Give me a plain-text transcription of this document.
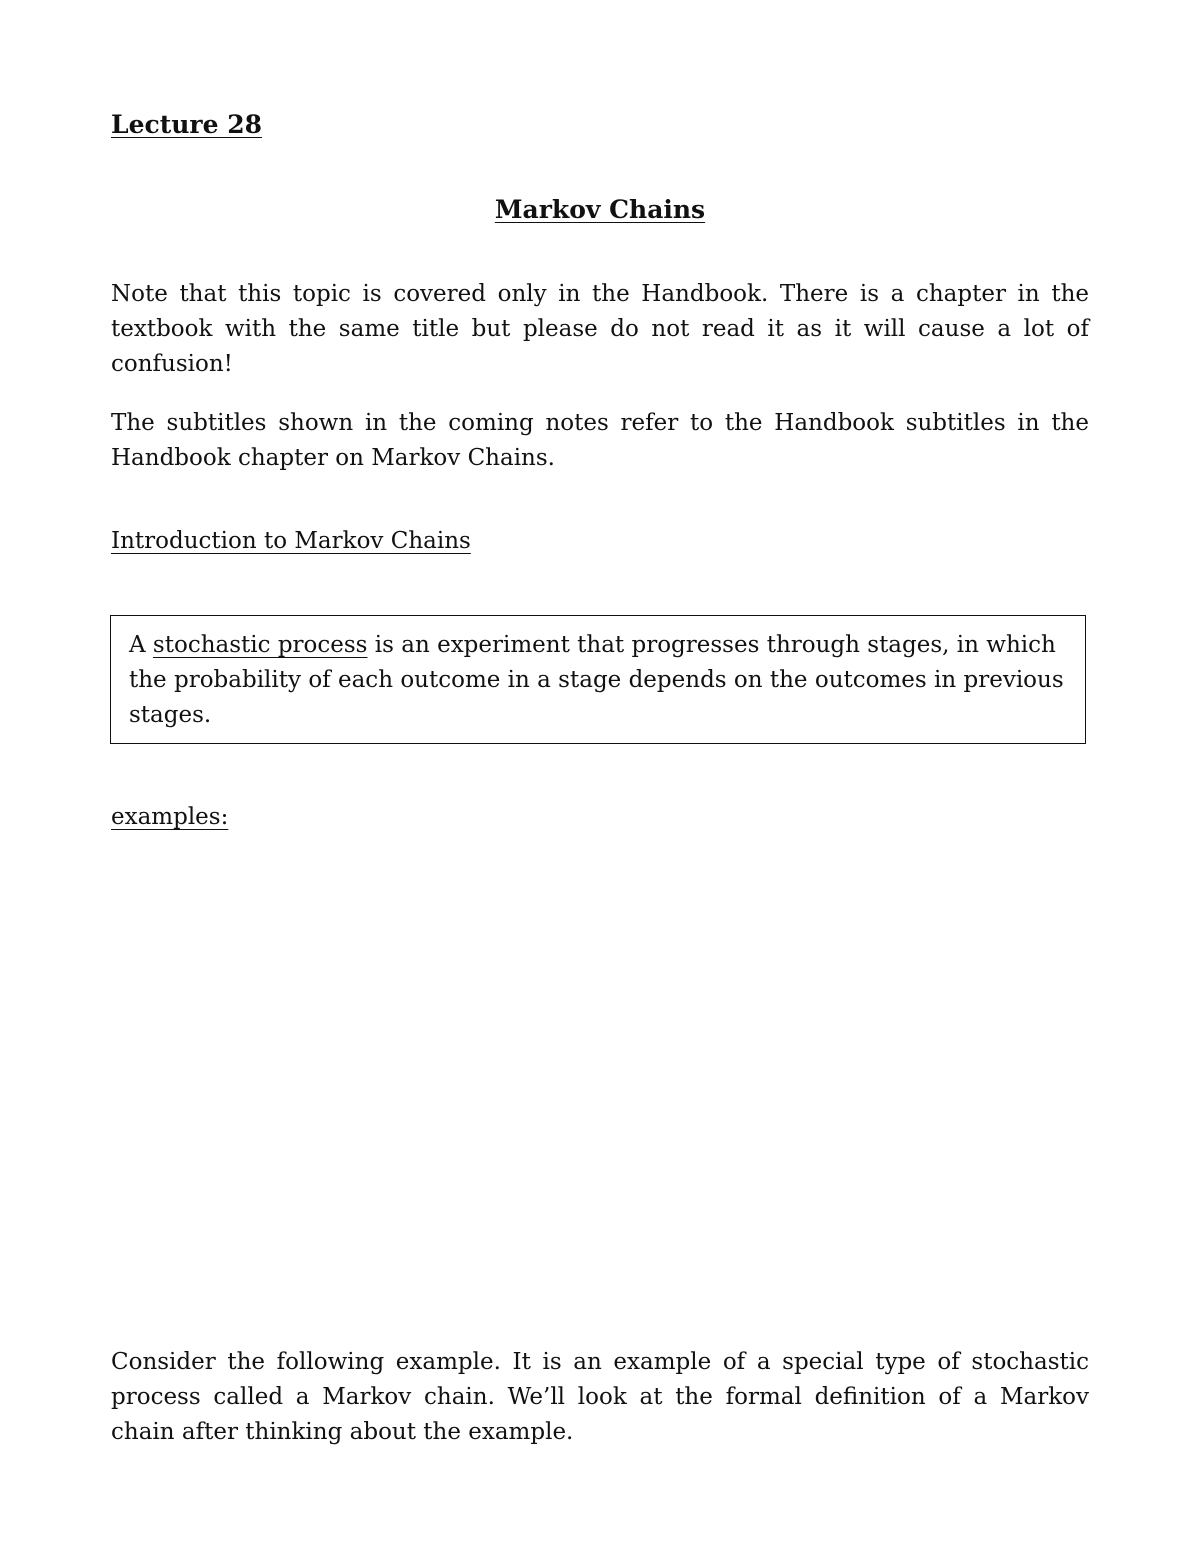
Lecture 28
Markov Chains

Note that this topic is covered only in the Handbook. There is a chapter in the textbook with the same title but please do not read it as it will cause a lot of confusion!

The subtitles shown in the coming notes refer to the Handbook subtitles in the Handbook chapter on Markov Chains.

Introduction to Markov Chains
A stochastic process is an experiment that progresses through stages, in which the probability of each outcome in a stage depends on the outcomes in previous stages.
examples:

Consider the following example. It is an example of a special type of stochastic process called a Markov chain. We’ll look at the formal definition of a Markov chain after thinking about the example.
